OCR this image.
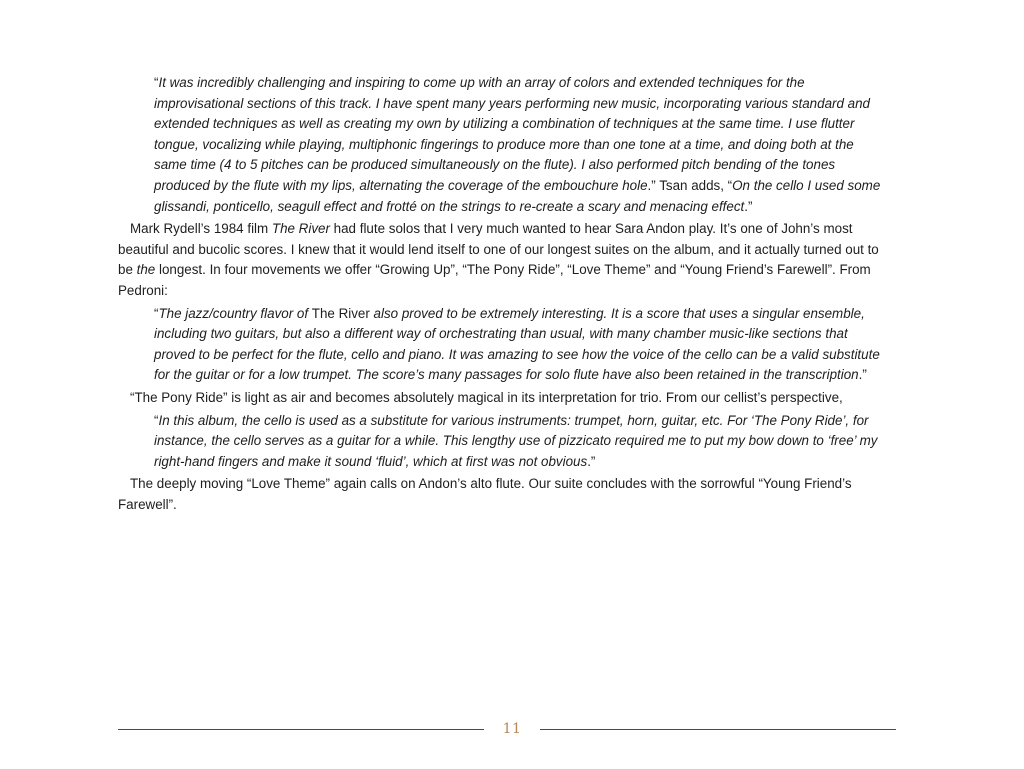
“It was incredibly challenging and inspiring to come up with an array of colors and extended techniques for the improvisational sections of this track. I have spent many years performing new music, incorporating various standard and extended techniques as well as creating my own by utilizing a combination of techniques at the same time. I use flutter tongue, vocalizing while playing, multiphonic fingerings to produce more than one tone at a time, and doing both at the same time (4 to 5 pitches can be produced simultaneously on the flute). I also performed pitch bending of the tones produced by the flute with my lips, alternating the coverage of the embouchure hole.” Tsan adds, “On the cello I used some glissandi, ponticello, seagull effect and frotté on the strings to re-create a scary and menacing effect.”

Mark Rydell’s 1984 film The River had flute solos that I very much wanted to hear Sara Andon play. It’s one of John’s most beautiful and bucolic scores. I knew that it would lend itself to one of our longest suites on the album, and it actually turned out to be the longest. In four movements we offer “Growing Up”, “The Pony Ride”, “Love Theme” and “Young Friend’s Farewell”. From Pedroni:

“The jazz/country flavor of The River also proved to be extremely interesting. It is a score that uses a singular ensemble, including two guitars, but also a different way of orchestrating than usual, with many chamber music-like sections that proved to be perfect for the flute, cello and piano. It was amazing to see how the voice of the cello can be a valid substitute for the guitar or for a low trumpet. The score’s many passages for solo flute have also been retained in the transcription.”

“The Pony Ride” is light as air and becomes absolutely magical in its interpretation for trio. From our cellist’s perspective,

“In this album, the cello is used as a substitute for various instruments: trumpet, horn, guitar, etc. For ‘The Pony Ride’, for instance, the cello serves as a guitar for a while. This lengthy use of pizzicato required me to put my bow down to ‘free’ my right-hand fingers and make it sound ‘fluid’, which at first was not obvious.”

The deeply moving “Love Theme” again calls on Andon’s alto flute. Our suite concludes with the sorrowful “Young Friend’s Farewell”.

11
